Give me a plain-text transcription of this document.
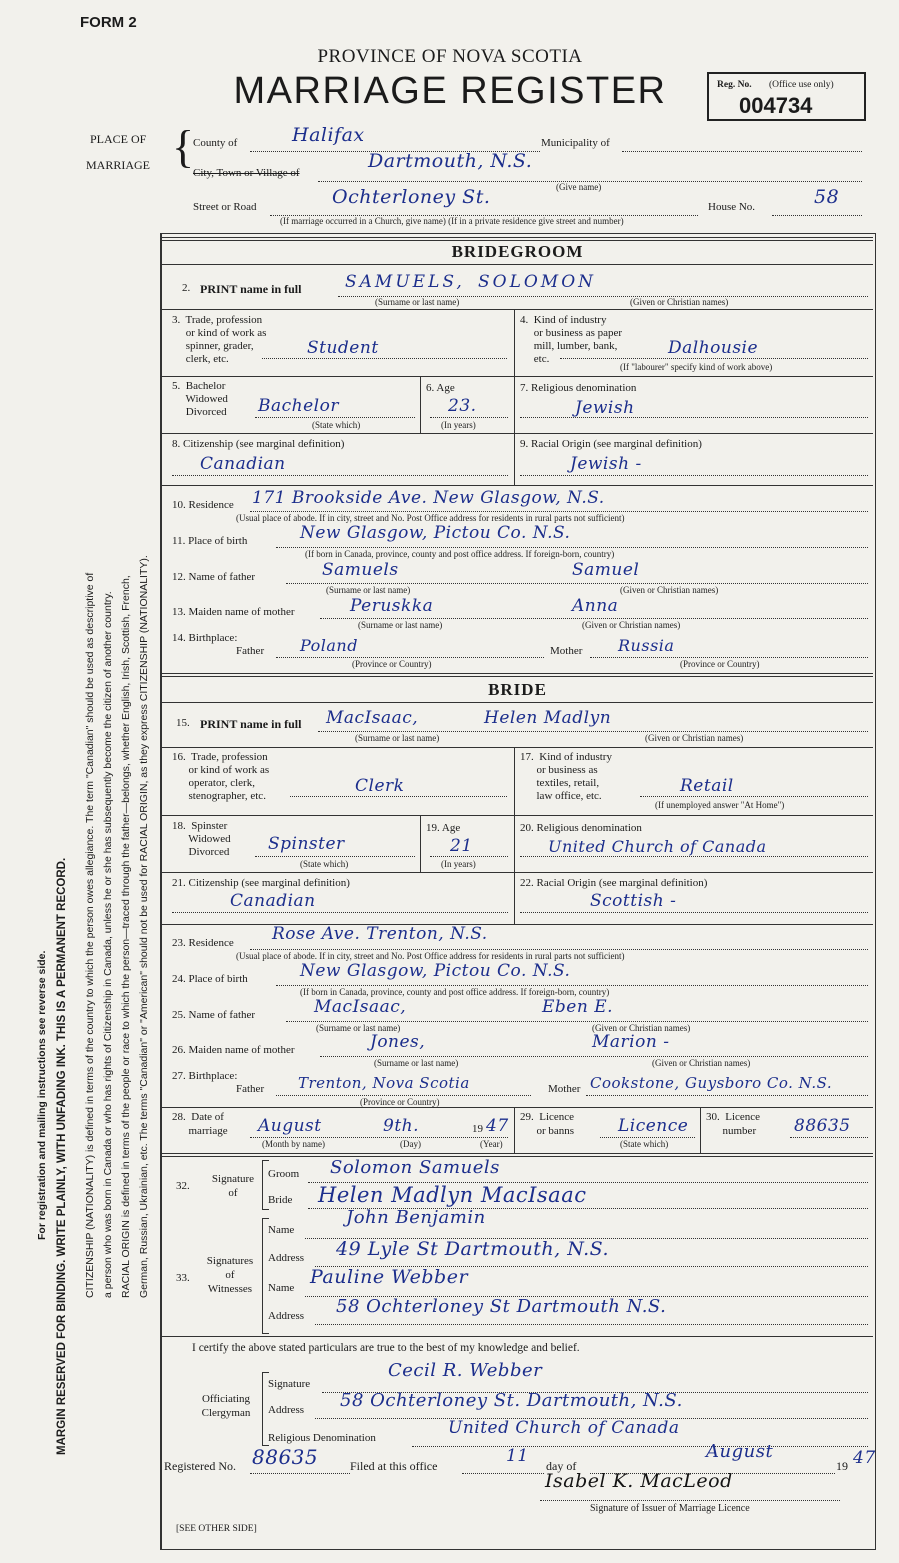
For registration and mailing instructions see reverse side. MARGIN RESERVED FOR BINDING. WRITE PLAINLY, WITH UNFADING INK. THIS IS A PERMANENT RECORD. CITIZENSHIP (NATIONALITY) is defined in terms of the country to which the person owes allegiance. The term "Canadian" should be used as descriptive of a person who was born in Canada or who has rights of Citizenship in Canada, unless he or she has subsequently become the citizen of another country. RACIAL ORIGIN is defined in terms of the people or race to which the person—traced through the father—belongs, whether English, Irish, Scottish, French, German, Russian, Ukrainian, etc. The terms "Canadian" or "American" should not be used for RACIAL ORIGIN, as they express CITIZENSHIP (NATIONALITY).
FORM 2
PROVINCE OF NOVA SCOTIA
MARRIAGE REGISTER	Reg. No. (Office use only)
004734
PLACE OF
MARRIAGE {
County of	Halifax	Municipality of
City, Town or Village of
Dartmouth, N.S.
(Give name)
Street or Road	Ochterloney St.	House No.	58
(If marriage occurred in a Church, give name) (If in a private residence give street and number)
BRIDEGROOM
2. PRINT name in full	SAMUELS, SOLOMON
(Surname or last name)	(Given or Christian names)
3.  Trade, profession
or kind of work as
spinner, grader,
clerk, etc.
Student
4.  Kind of industry
or business as paper
mill, lumber, bank,
etc.
Dalhousie
(If "labourer" specify kind of work above)
5.  Bachelor
Widowed
Divorced Bachelor
(State which)
6. Age
23.
(In years)
7. Religious denomination
Jewish
8. Citizenship (see marginal definition)
Canadian
9. Racial Origin (see marginal definition)
Jewish -
10. Residence 171 Brookside Ave. New Glasgow, N.S.
(Usual place of abode. If in city, street and No. Post Office address for residents in rural parts not sufficient)
11. Place of birth	New Glasgow, Pictou Co. N.S.
(If born in Canada, province, county and post office address. If foreign-born, country)
12. Name of father	Samuels	Samuel
(Surname or last name)	(Given or Christian names)
13. Maiden name of mother	Peruskka	Anna
(Surname or last name)	(Given or Christian names)
14. Birthplace:
Father Poland	Mother Russia
(Province or Country)	(Province or Country)
BRIDE
15. PRINT name in full MacIsaac,	Helen Madlyn
(Surname or last name)	(Given or Christian names)
16.  Trade, profession
or kind of work as
operator, clerk,
stenographer, etc.	Clerk
17.  Kind of industry
or business as
textiles, retail,
law office, etc.	Retail
(If unemployed answer "At Home")
18.  Spinster
Widowed
Divorced Spinster
(State which)
19. Age
21
(In years)
20. Religious denomination
United Church of Canada
21. Citizenship (see marginal definition)
Canadian
22. Racial Origin (see marginal definition)
Scottish -
23. Residence Rose Ave. Trenton, N.S.
(Usual place of abode. If in city, street and No. Post Office address for residents in rural parts not sufficient)
24. Place of birth	New Glasgow, Pictou Co. N.S.
(If born in Canada, province, county and post office address. If foreign-born, country)
25. Name of father	MacIsaac,	Eben E.
(Surname or last name)	(Given or Christian names)
26. Maiden name of mother	Jones,	Marion -
(Surname or last name)	(Given or Christian names)
27. Birthplace:
Father Trenton, Nova Scotia	Mother Cookstone, Guysboro Co. N.S.
(Province or Country)
28.  Date of
marriage August	9th.	19 47
(Month by name)	(Day)	(Year)
29.  Licence
or banns	Licence
(State which)
30.  Licence
number 88635
32.
Signature
of
Groom Solomon Samuels
Bride Helen Madlyn MacIsaac
33.
Signatures
of
Witnesses
Name
John Benjamin
Address 49 Lyle St Dartmouth, N.S.
Name Pauline Webber
Address 58 Ochterloney St Dartmouth N.S.
I certify the above stated particulars are true to the best of my knowledge and belief.
Officiating
Clergyman
Signature
Cecil R. Webber
Address 58 Ochterloney St. Dartmouth, N.S.
Religious Denomination	United Church of Canada
Registered No. 88635	Filed at this office	11 day of
August
19 47
Isabel K. MacLeod
Signature of Issuer of Marriage Licence
[SEE OTHER SIDE]
